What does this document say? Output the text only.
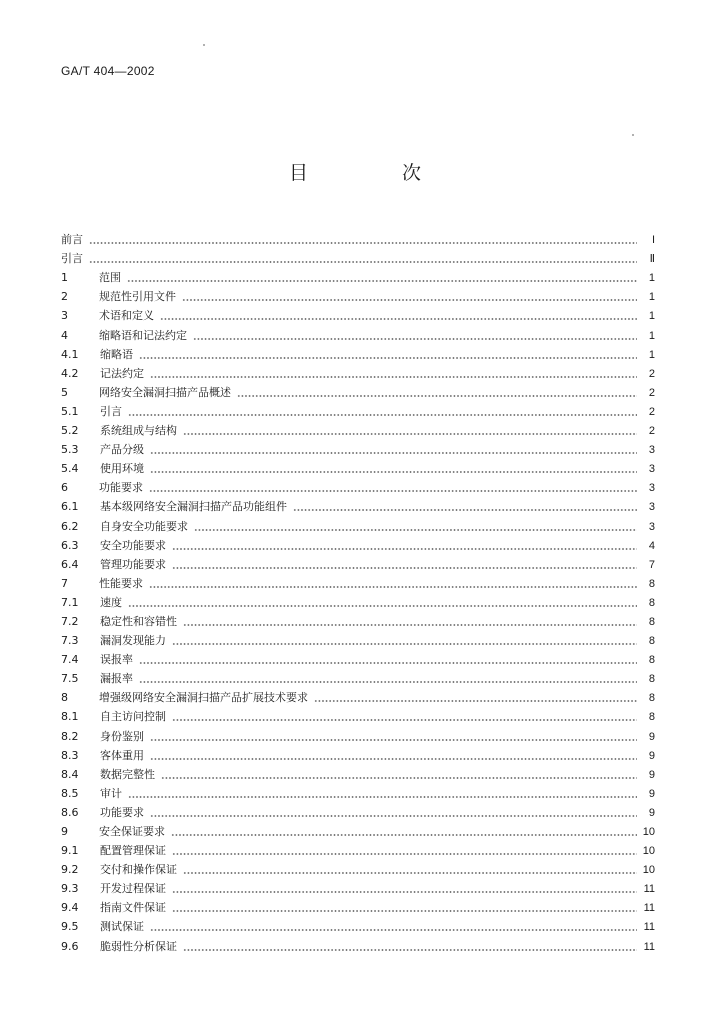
GA/T 404—2002
目 次
前言	I
引言	Ⅱ
1	范围	1
2	规范性引用文件	1
3	术语和定义	1
4	缩略语和记法约定	1
4.1	缩略语	1
4.2	记法约定	2
5	网络安全漏洞扫描产品概述	2
5.1	引言	2
5.2	系统组成与结构	2
5.3	产品分级	3
5.4	使用环境	3
6	功能要求	3
6.1	基本级网络安全漏洞扫描产品功能组件	3
6.2	自身安全功能要求	3
6.3	安全功能要求	4
6.4	管理功能要求	7
7	性能要求	8
7.1	速度	8
7.2	稳定性和容错性	8
7.3	漏洞发现能力	8
7.4	误报率	8
7.5	漏报率	8
8	增强级网络安全漏洞扫描产品扩展技术要求	8
8.1	自主访问控制	8
8.2	身份鉴别	9
8.3	客体重用	9
8.4	数据完整性	9
8.5	审计	9
8.6	功能要求	9
9	安全保证要求	10
9.1	配置管理保证	10
9.2	交付和操作保证	10
9.3	开发过程保证	11
9.4	指南文件保证	11
9.5	测试保证	11
9.6	脆弱性分析保证	11
